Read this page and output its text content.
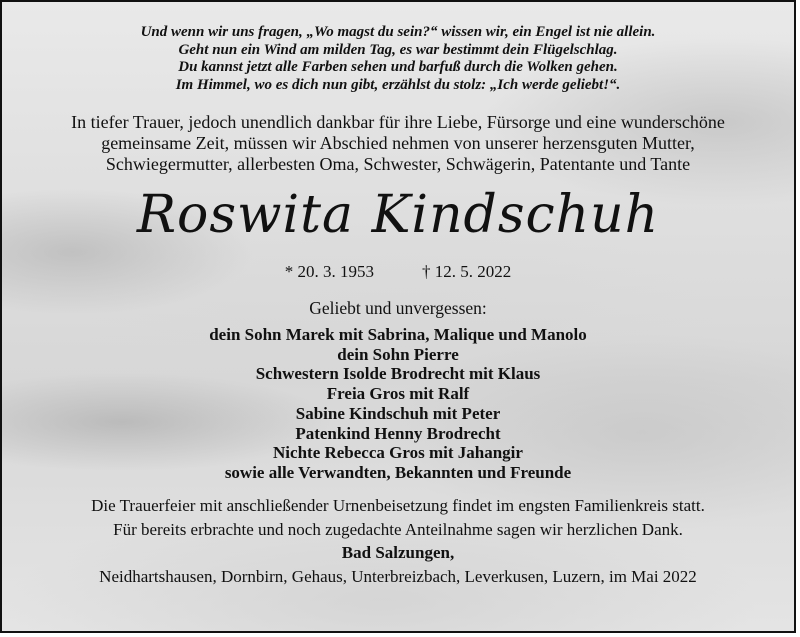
Und wenn wir uns fragen, „Wo magst du sein?“ wissen wir, ein Engel ist nie allein.
Geht nun ein Wind am milden Tag, es war bestimmt dein Flügelschlag.
Du kannst jetzt alle Farben sehen und barfuß durch die Wolken gehen.
Im Himmel, wo es dich nun gibt, erzählst du stolz: „Ich werde geliebt!“.
In tiefer Trauer, jedoch unendlich dankbar für ihre Liebe, Fürsorge und eine wunderschöne
gemeinsame Zeit, müssen wir Abschied nehmen von unserer herzensguten Mutter,
Schwiegermutter, allerbesten Oma, Schwester, Schwägerin, Patentante und Tante
Roswita Kindschuh
* 20. 3. 1953	† 12. 5. 2022
Geliebt und unvergessen:
dein Sohn Marek mit Sabrina, Malique und Manolo
dein Sohn Pierre
Schwestern Isolde Brodrecht mit Klaus
Freia Gros mit Ralf
Sabine Kindschuh mit Peter
Patenkind Henny Brodrecht
Nichte Rebecca Gros mit Jahangir
sowie alle Verwandten, Bekannten und Freunde
Die Trauerfeier mit anschließender Urnenbeisetzung findet im engsten Familienkreis statt.
Für bereits erbrachte und noch zugedachte Anteilnahme sagen wir herzlichen Dank.
Bad Salzungen,
Neidhartshausen, Dornbirn, Gehaus, Unterbreizbach, Leverkusen, Luzern, im Mai 2022
